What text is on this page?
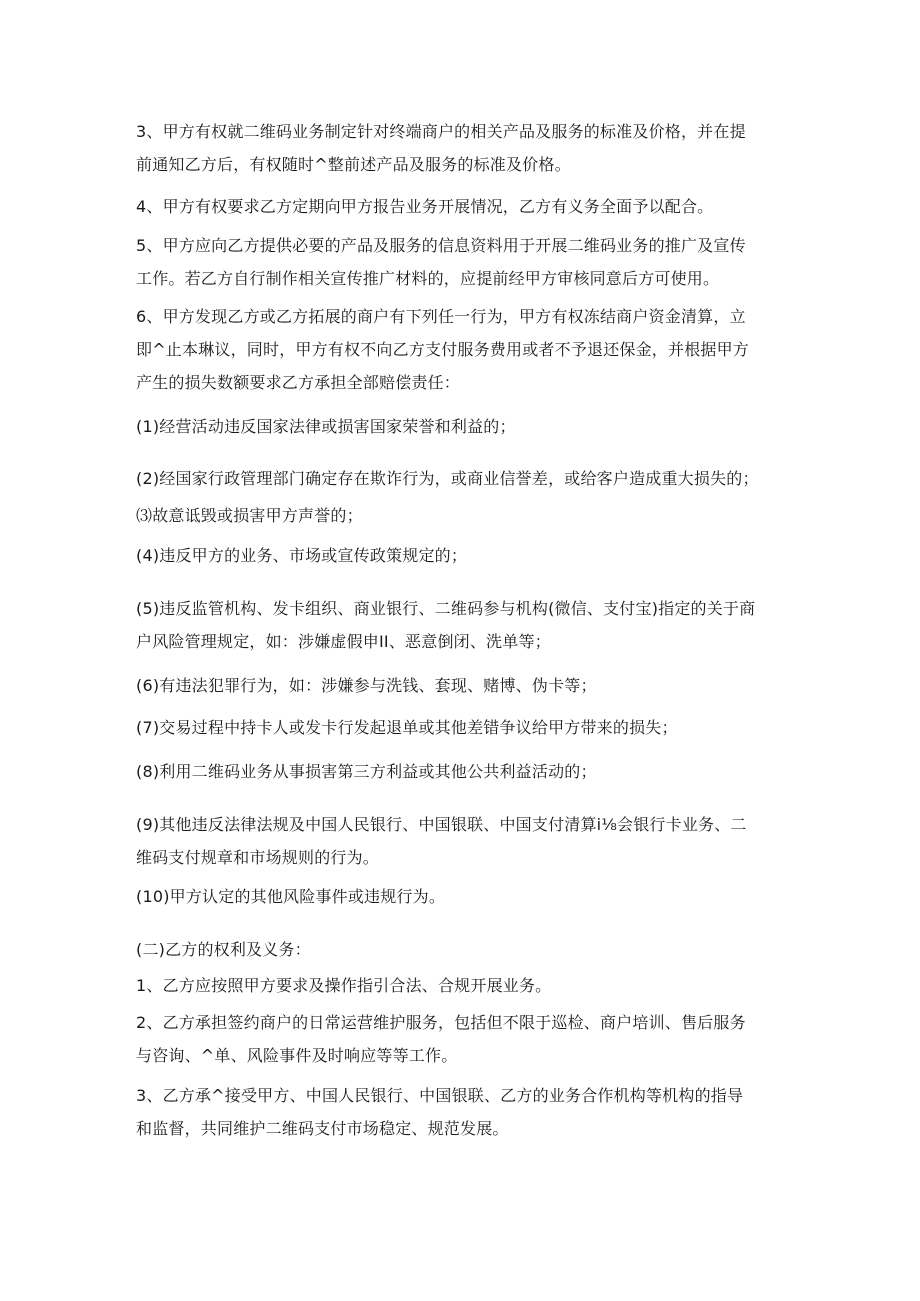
3、甲方有权就二维码业务制定针对终端商户的相关产品及服务的标准及价格，并在提
前通知乙方后，有权随时^整前述产品及服务的标准及价格。
4、甲方有权要求乙方定期向甲方报告业务开展情况，乙方有义务全面予以配合。
5、甲方应向乙方提供必要的产品及服务的信息资料用于开展二维码业务的推广及宣传
工作。若乙方自行制作相关宣传推广材料的，应提前经甲方审核同意后方可使用。
6、甲方发现乙方或乙方拓展的商户有下列任一行为，甲方有权冻结商户资金清算，立
即^止本琳议，同时，甲方有权不向乙方支付服务费用或者不予退还保金，并根据甲方
产生的损失数额要求乙方承担全部赔偿责任：
(1)经营活动违反国家法律或损害国家荣誉和利益的；
(2)经国家行政管理部门确定存在欺诈行为，或商业信誉差，或给客户造成重大损失的；
⑶故意诋毁或损害甲方声誉的；
(4)违反甲方的业务、市场或宣传政策规定的；
(5)违反监管机构、发卡组织、商业银行、二维码参与机构(微信、支付宝)指定的关于商
户风险管理规定，如：涉嫌虚假申II、恶意倒闭、洗单等；
(6)有违法犯罪行为，如：涉嫌参与洗钱、套现、赌博、伪卡等；
(7)交易过程中持卡人或发卡行发起退单或其他差错争议给甲方带来的损失；
(8)利用二维码业务从事损害第三方利益或其他公共利益活动的；
(9)其他违反法律法规及中国人民银行、中国银联、中国支付清算i⅛会银行卡业务、二
维码支付规章和市场规则的行为。
(10)甲方认定的其他风险事件或违规行为。
(二)乙方的权利及义务：
1、乙方应按照甲方要求及操作指引合法、合规开展业务。
2、乙方承担签约商户的日常运营维护服务，包括但不限于巡检、商户培训、售后服务
与咨询、^单、风险事件及时响应等等工作。
3、乙方承^接受甲方、中国人民银行、中国银联、乙方的业务合作机构等机构的指导
和监督，共同维护二维码支付市场稳定、规范发展。
